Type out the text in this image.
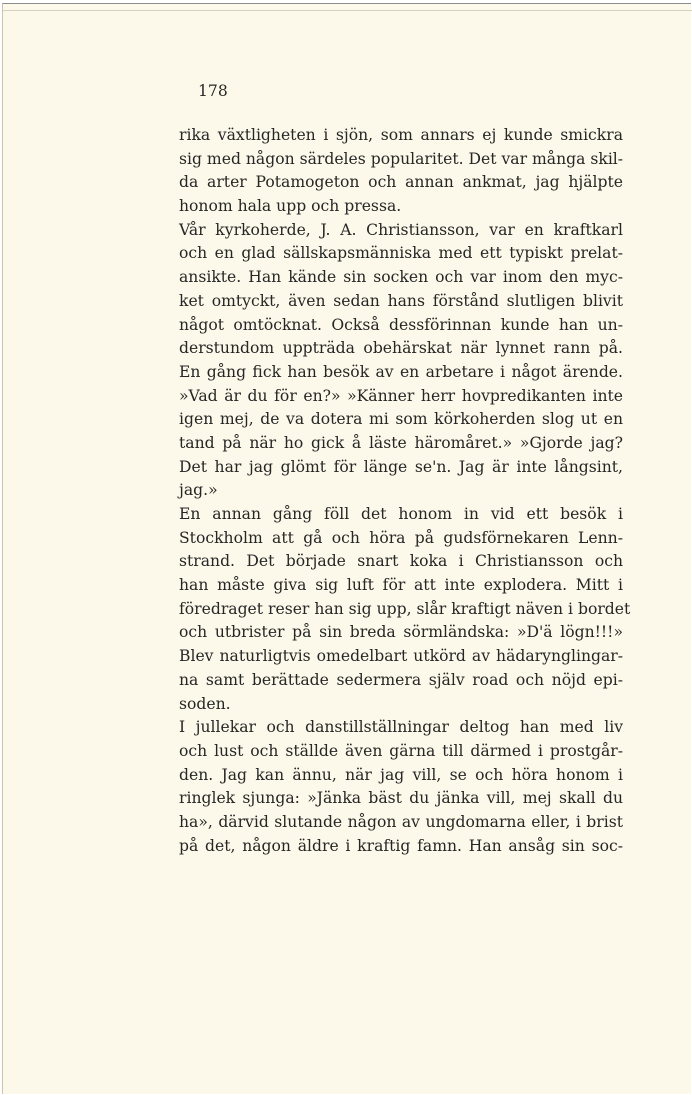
178
rika växtligheten i sjön, som annars ej kunde smickra
sig med någon särdeles popularitet. Det var många skil-
da arter Potamogeton och annan ankmat, jag hjälpte
honom hala upp och pressa.
Vår kyrkoherde, J. A. Christiansson, var en kraftkarl
och en glad sällskapsmänniska med ett typiskt prelat-
ansikte. Han kände sin socken och var inom den myc-
ket omtyckt, även sedan hans förstånd slutligen blivit
något omtöcknat. Också dessförinnan kunde han un-
derstundom uppträda obehärskat när lynnet rann på.
En gång fick han besök av en arbetare i något ärende.
»Vad är du för en?» »Känner herr hovpredikanten inte
igen mej, de va dotera mi som körkoherden slog ut en
tand på när ho gick å läste häromåret.» »Gjorde jag?
Det har jag glömt för länge se'n. Jag är inte långsint,
jag.»
En annan gång föll det honom in vid ett besök i
Stockholm att gå och höra på gudsförnekaren Lenn-
strand. Det började snart koka i Christiansson och
han måste giva sig luft för att inte explodera. Mitt i
föredraget reser han sig upp, slår kraftigt näven i bordet
och utbrister på sin breda sörmländska: »D'ä lögn!!!»
Blev naturligtvis omedelbart utkörd av hädarynglingar-
na samt berättade sedermera själv road och nöjd epi-
soden.
I jullekar och danstillställningar deltog han med liv
och lust och ställde även gärna till därmed i prostgår-
den. Jag kan ännu, när jag vill, se och höra honom i
ringlek sjunga: »Jänka bäst du jänka vill, mej skall du
ha», därvid slutande någon av ungdomarna eller, i brist
på det, någon äldre i kraftig famn. Han ansåg sin soc-
